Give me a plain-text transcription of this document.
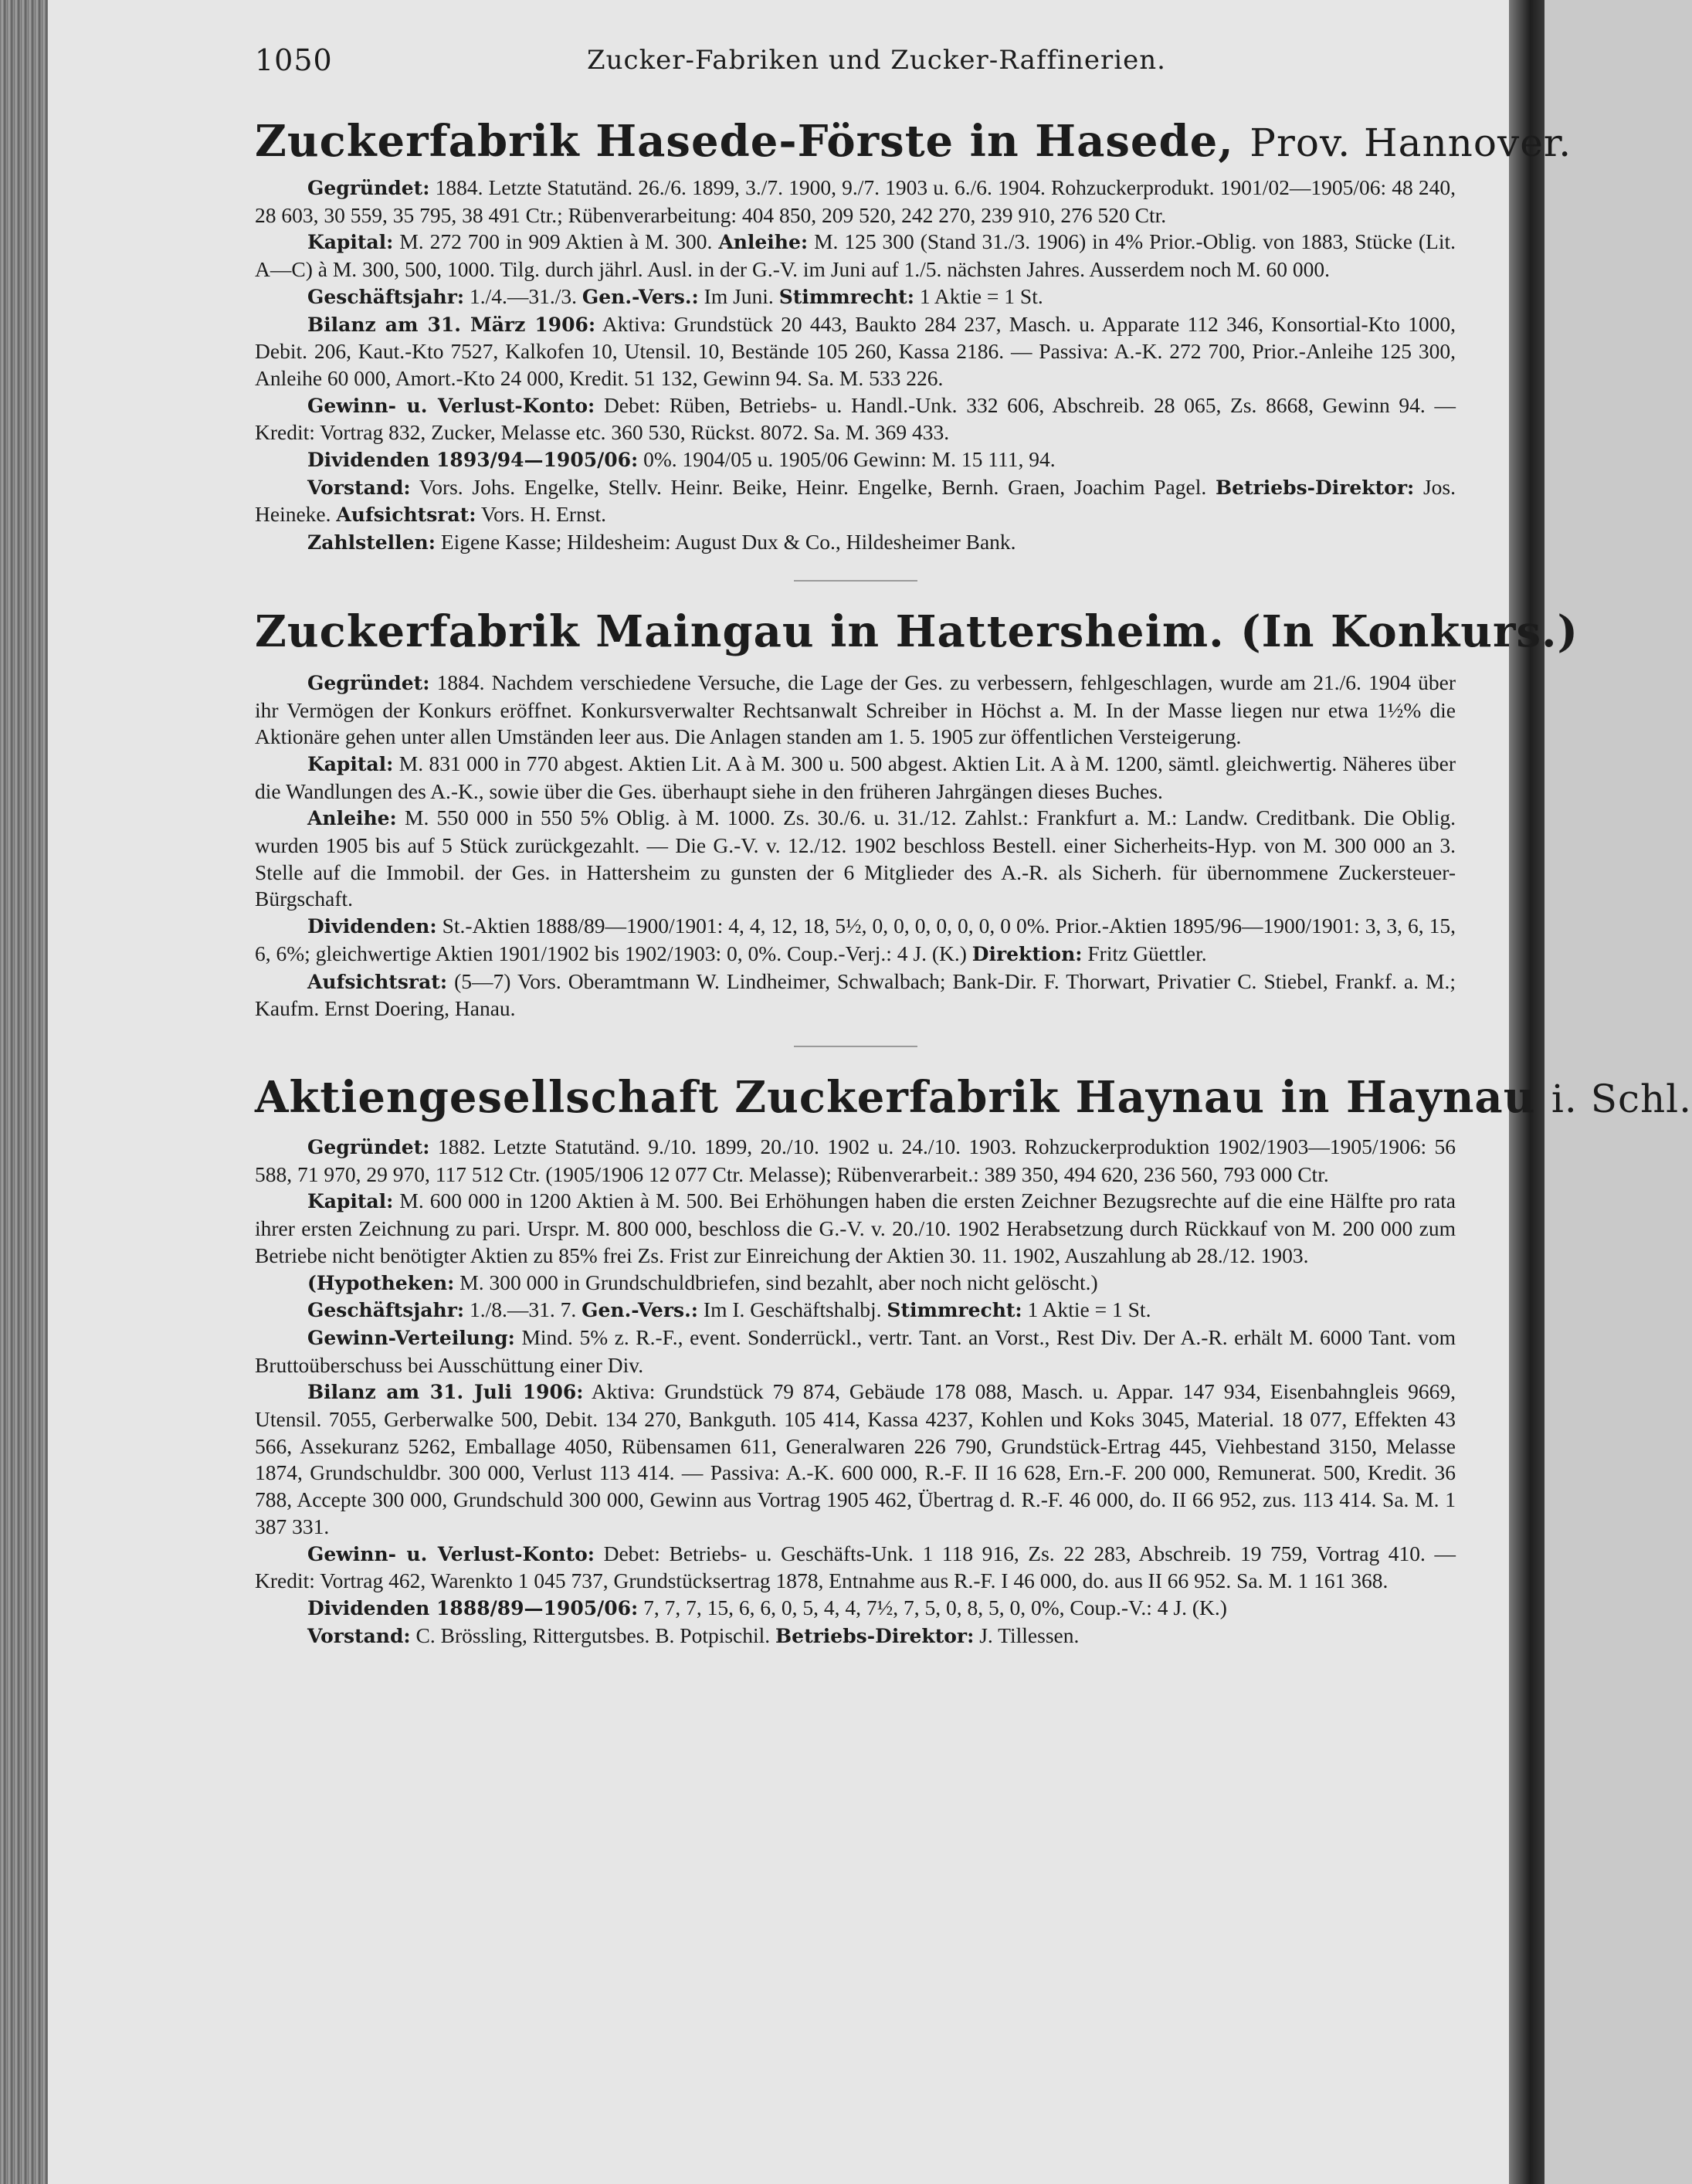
1050	Zucker-Fabriken und Zucker-Raffinerien.
Zuckerfabrik Hasede-Förste in Hasede, Prov. Hannover.

Gegründet: 1884. Letzte Statutänd. 26./6. 1899, 3./7. 1900, 9./7. 1903 u. 6./6. 1904. Rohzuckerprodukt. 1901/02—1905/06: 48 240, 28 603, 30 559, 35 795, 38 491 Ctr.; Rübenverarbeitung: 404 850, 209 520, 242 270, 239 910, 276 520 Ctr.

Kapital: M. 272 700 in 909 Aktien à M. 300. Anleihe: M. 125 300 (Stand 31./3. 1906) in 4% Prior.-Oblig. von 1883, Stücke (Lit. A—C) à M. 300, 500, 1000. Tilg. durch jährl. Ausl. in der G.-V. im Juni auf 1./5. nächsten Jahres. Ausserdem noch M. 60 000.

Geschäftsjahr: 1./4.—31./3. Gen.-Vers.: Im Juni. Stimmrecht: 1 Aktie = 1 St.

Bilanz am 31. März 1906: Aktiva: Grundstück 20 443, Baukto 284 237, Masch. u. Apparate 112 346, Konsortial-Kto 1000, Debit. 206, Kaut.-Kto 7527, Kalkofen 10, Utensil. 10, Bestände 105 260, Kassa 2186. — Passiva: A.-K. 272 700, Prior.-Anleihe 125 300, Anleihe 60 000, Amort.-Kto 24 000, Kredit. 51 132, Gewinn 94. Sa. M. 533 226.

Gewinn- u. Verlust-Konto: Debet: Rüben, Betriebs- u. Handl.-Unk. 332 606, Abschreib. 28 065, Zs. 8668, Gewinn 94. — Kredit: Vortrag 832, Zucker, Melasse etc. 360 530, Rückst. 8072. Sa. M. 369 433.

Dividenden 1893/94—1905/06: 0%. 1904/05 u. 1905/06 Gewinn: M. 15 111, 94.

Vorstand: Vors. Johs. Engelke, Stellv. Heinr. Beike, Heinr. Engelke, Bernh. Graen, Joachim Pagel. Betriebs-Direktor: Jos. Heineke. Aufsichtsrat: Vors. H. Ernst.

Zahlstellen: Eigene Kasse; Hildesheim: August Dux & Co., Hildesheimer Bank.

Zuckerfabrik Maingau in Hattersheim. (In Konkurs.)

Gegründet: 1884. Nachdem verschiedene Versuche, die Lage der Ges. zu verbessern, fehlgeschlagen, wurde am 21./6. 1904 über ihr Vermögen der Konkurs eröffnet. Konkursverwalter Rechtsanwalt Schreiber in Höchst a. M. In der Masse liegen nur etwa 1½% die Aktionäre gehen unter allen Umständen leer aus. Die Anlagen standen am 1. 5. 1905 zur öffentlichen Versteigerung.

Kapital: M. 831 000 in 770 abgest. Aktien Lit. A à M. 300 u. 500 abgest. Aktien Lit. A à M. 1200, sämtl. gleichwertig. Näheres über die Wandlungen des A.-K., sowie über die Ges. überhaupt siehe in den früheren Jahrgängen dieses Buches.

Anleihe: M. 550 000 in 550 5% Oblig. à M. 1000. Zs. 30./6. u. 31./12. Zahlst.: Frankfurt a. M.: Landw. Creditbank. Die Oblig. wurden 1905 bis auf 5 Stück zurückgezahlt. — Die G.-V. v. 12./12. 1902 beschloss Bestell. einer Sicherheits-Hyp. von M. 300 000 an 3. Stelle auf die Immobil. der Ges. in Hattersheim zu gunsten der 6 Mitglieder des A.-R. als Sicherh. für übernommene Zuckersteuer-Bürgschaft.

Dividenden: St.-Aktien 1888/89—1900/1901: 4, 4, 12, 18, 5½, 0, 0, 0, 0, 0, 0, 0 0%. Prior.-Aktien 1895/96—1900/1901: 3, 3, 6, 15, 6, 6%; gleichwertige Aktien 1901/1902 bis 1902/1903: 0, 0%. Coup.-Verj.: 4 J. (K.) Direktion: Fritz Güettler.

Aufsichtsrat: (5—7) Vors. Oberamtmann W. Lindheimer, Schwalbach; Bank-Dir. F. Thorwart, Privatier C. Stiebel, Frankf. a. M.; Kaufm. Ernst Doering, Hanau.

Aktiengesellschaft Zuckerfabrik Haynau in Haynau i. Schl.

Gegründet: 1882. Letzte Statutänd. 9./10. 1899, 20./10. 1902 u. 24./10. 1903. Rohzuckerproduktion 1902/1903—1905/1906: 56 588, 71 970, 29 970, 117 512 Ctr. (1905/1906 12 077 Ctr. Melasse); Rübenverarbeit.: 389 350, 494 620, 236 560, 793 000 Ctr.

Kapital: M. 600 000 in 1200 Aktien à M. 500. Bei Erhöhungen haben die ersten Zeichner Bezugsrechte auf die eine Hälfte pro rata ihrer ersten Zeichnung zu pari. Urspr. M. 800 000, beschloss die G.-V. v. 20./10. 1902 Herabsetzung durch Rückkauf von M. 200 000 zum Betriebe nicht benötigter Aktien zu 85% frei Zs. Frist zur Einreichung der Aktien 30. 11. 1902, Auszahlung ab 28./12. 1903.

(Hypotheken: M. 300 000 in Grundschuldbriefen, sind bezahlt, aber noch nicht gelöscht.)

Geschäftsjahr: 1./8.—31. 7. Gen.-Vers.: Im I. Geschäftshalbj. Stimmrecht: 1 Aktie = 1 St.

Gewinn-Verteilung: Mind. 5% z. R.-F., event. Sonderrückl., vertr. Tant. an Vorst., Rest Div. Der A.-R. erhält M. 6000 Tant. vom Bruttoüberschuss bei Ausschüttung einer Div.

Bilanz am 31. Juli 1906: Aktiva: Grundstück 79 874, Gebäude 178 088, Masch. u. Appar. 147 934, Eisenbahngleis 9669, Utensil. 7055, Gerberwalke 500, Debit. 134 270, Bankguth. 105 414, Kassa 4237, Kohlen und Koks 3045, Material. 18 077, Effekten 43 566, Assekuranz 5262, Emballage 4050, Rübensamen 611, Generalwaren 226 790, Grundstück-Ertrag 445, Viehbestand 3150, Melasse 1874, Grundschuldbr. 300 000, Verlust 113 414. — Passiva: A.-K. 600 000, R.-F. II 16 628, Ern.-F. 200 000, Remunerat. 500, Kredit. 36 788, Accepte 300 000, Grundschuld 300 000, Gewinn aus Vortrag 1905 462, Übertrag d. R.-F. 46 000, do. II 66 952, zus. 113 414. Sa. M. 1 387 331.

Gewinn- u. Verlust-Konto: Debet: Betriebs- u. Geschäfts-Unk. 1 118 916, Zs. 22 283, Abschreib. 19 759, Vortrag 410. — Kredit: Vortrag 462, Warenkto 1 045 737, Grundstücksertrag 1878, Entnahme aus R.-F. I 46 000, do. aus II 66 952. Sa. M. 1 161 368.

Dividenden 1888/89—1905/06: 7, 7, 7, 15, 6, 6, 0, 5, 4, 4, 7½, 7, 5, 0, 8, 5, 0, 0%, Coup.-V.: 4 J. (K.)

Vorstand: C. Brössling, Rittergutsbes. B. Potpischil. Betriebs-Direktor: J. Tillessen.
